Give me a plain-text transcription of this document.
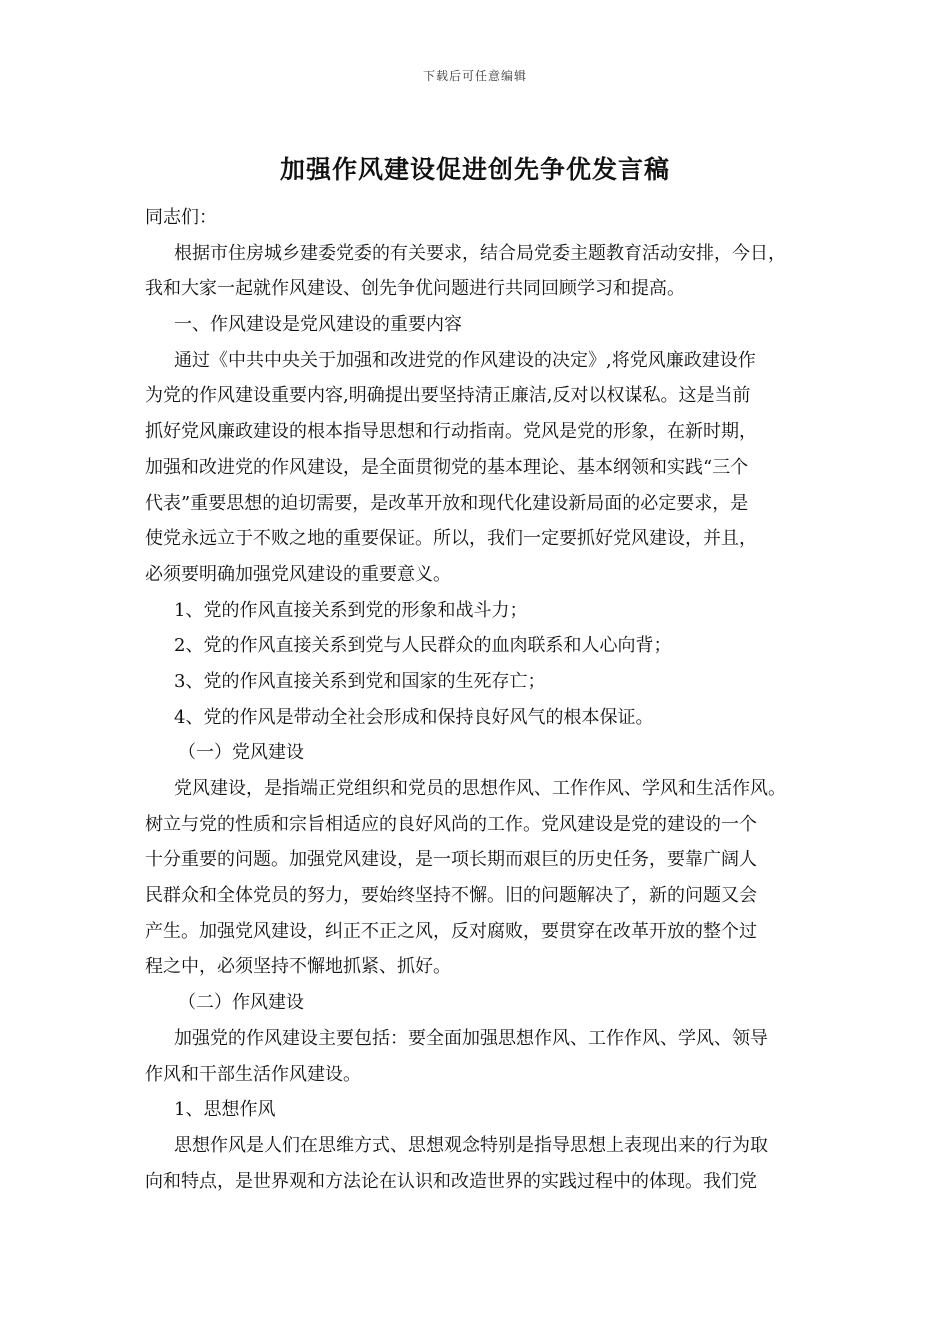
下载后可任意编辑
加强作风建设促进创先争优发言稿
同志们：
根据市住房城乡建委党委的有关要求，结合局党委主题教育活动安排，今日，
我和大家一起就作风建设、创先争优问题进行共同回顾学习和提高。
一、作风建设是党风建设的重要内容
通过《中共中央关于加强和改进党的作风建设的决定》,将党风廉政建设作
为党的作风建设重要内容,明确提出要坚持清正廉洁,反对以权谋私。这是当前
抓好党风廉政建设的根本指导思想和行动指南。党风是党的形象，在新时期，
加强和改进党的作风建设，是全面贯彻党的基本理论、基本纲领和实践“三个
代表”重要思想的迫切需要，是改革开放和现代化建设新局面的必定要求，是
使党永远立于不败之地的重要保证。所以，我们一定要抓好党风建设，并且，
必须要明确加强党风建设的重要意义。
1、党的作风直接关系到党的形象和战斗力；
2、党的作风直接关系到党与人民群众的血肉联系和人心向背；
3、党的作风直接关系到党和国家的生死存亡；
4、党的作风是带动全社会形成和保持良好风气的根本保证。
（一）党风建设
党风建设，是指端正党组织和党员的思想作风、工作作风、学风和生活作风。
树立与党的性质和宗旨相适应的良好风尚的工作。党风建设是党的建设的一个
十分重要的问题。加强党风建设，是一项长期而艰巨的历史任务，要靠广阔人
民群众和全体党员的努力，要始终坚持不懈。旧的问题解决了，新的问题又会
产生。加强党风建设，纠正不正之风，反对腐败，要贯穿在改革开放的整个过
程之中，必须坚持不懈地抓紧、抓好。
（二）作风建设
加强党的作风建设主要包括：要全面加强思想作风、工作作风、学风、领导
作风和干部生活作风建设。
1、思想作风
思想作风是人们在思维方式、思想观念特别是指导思想上表现出来的行为取
向和特点，是世界观和方法论在认识和改造世界的实践过程中的体现。我们党
